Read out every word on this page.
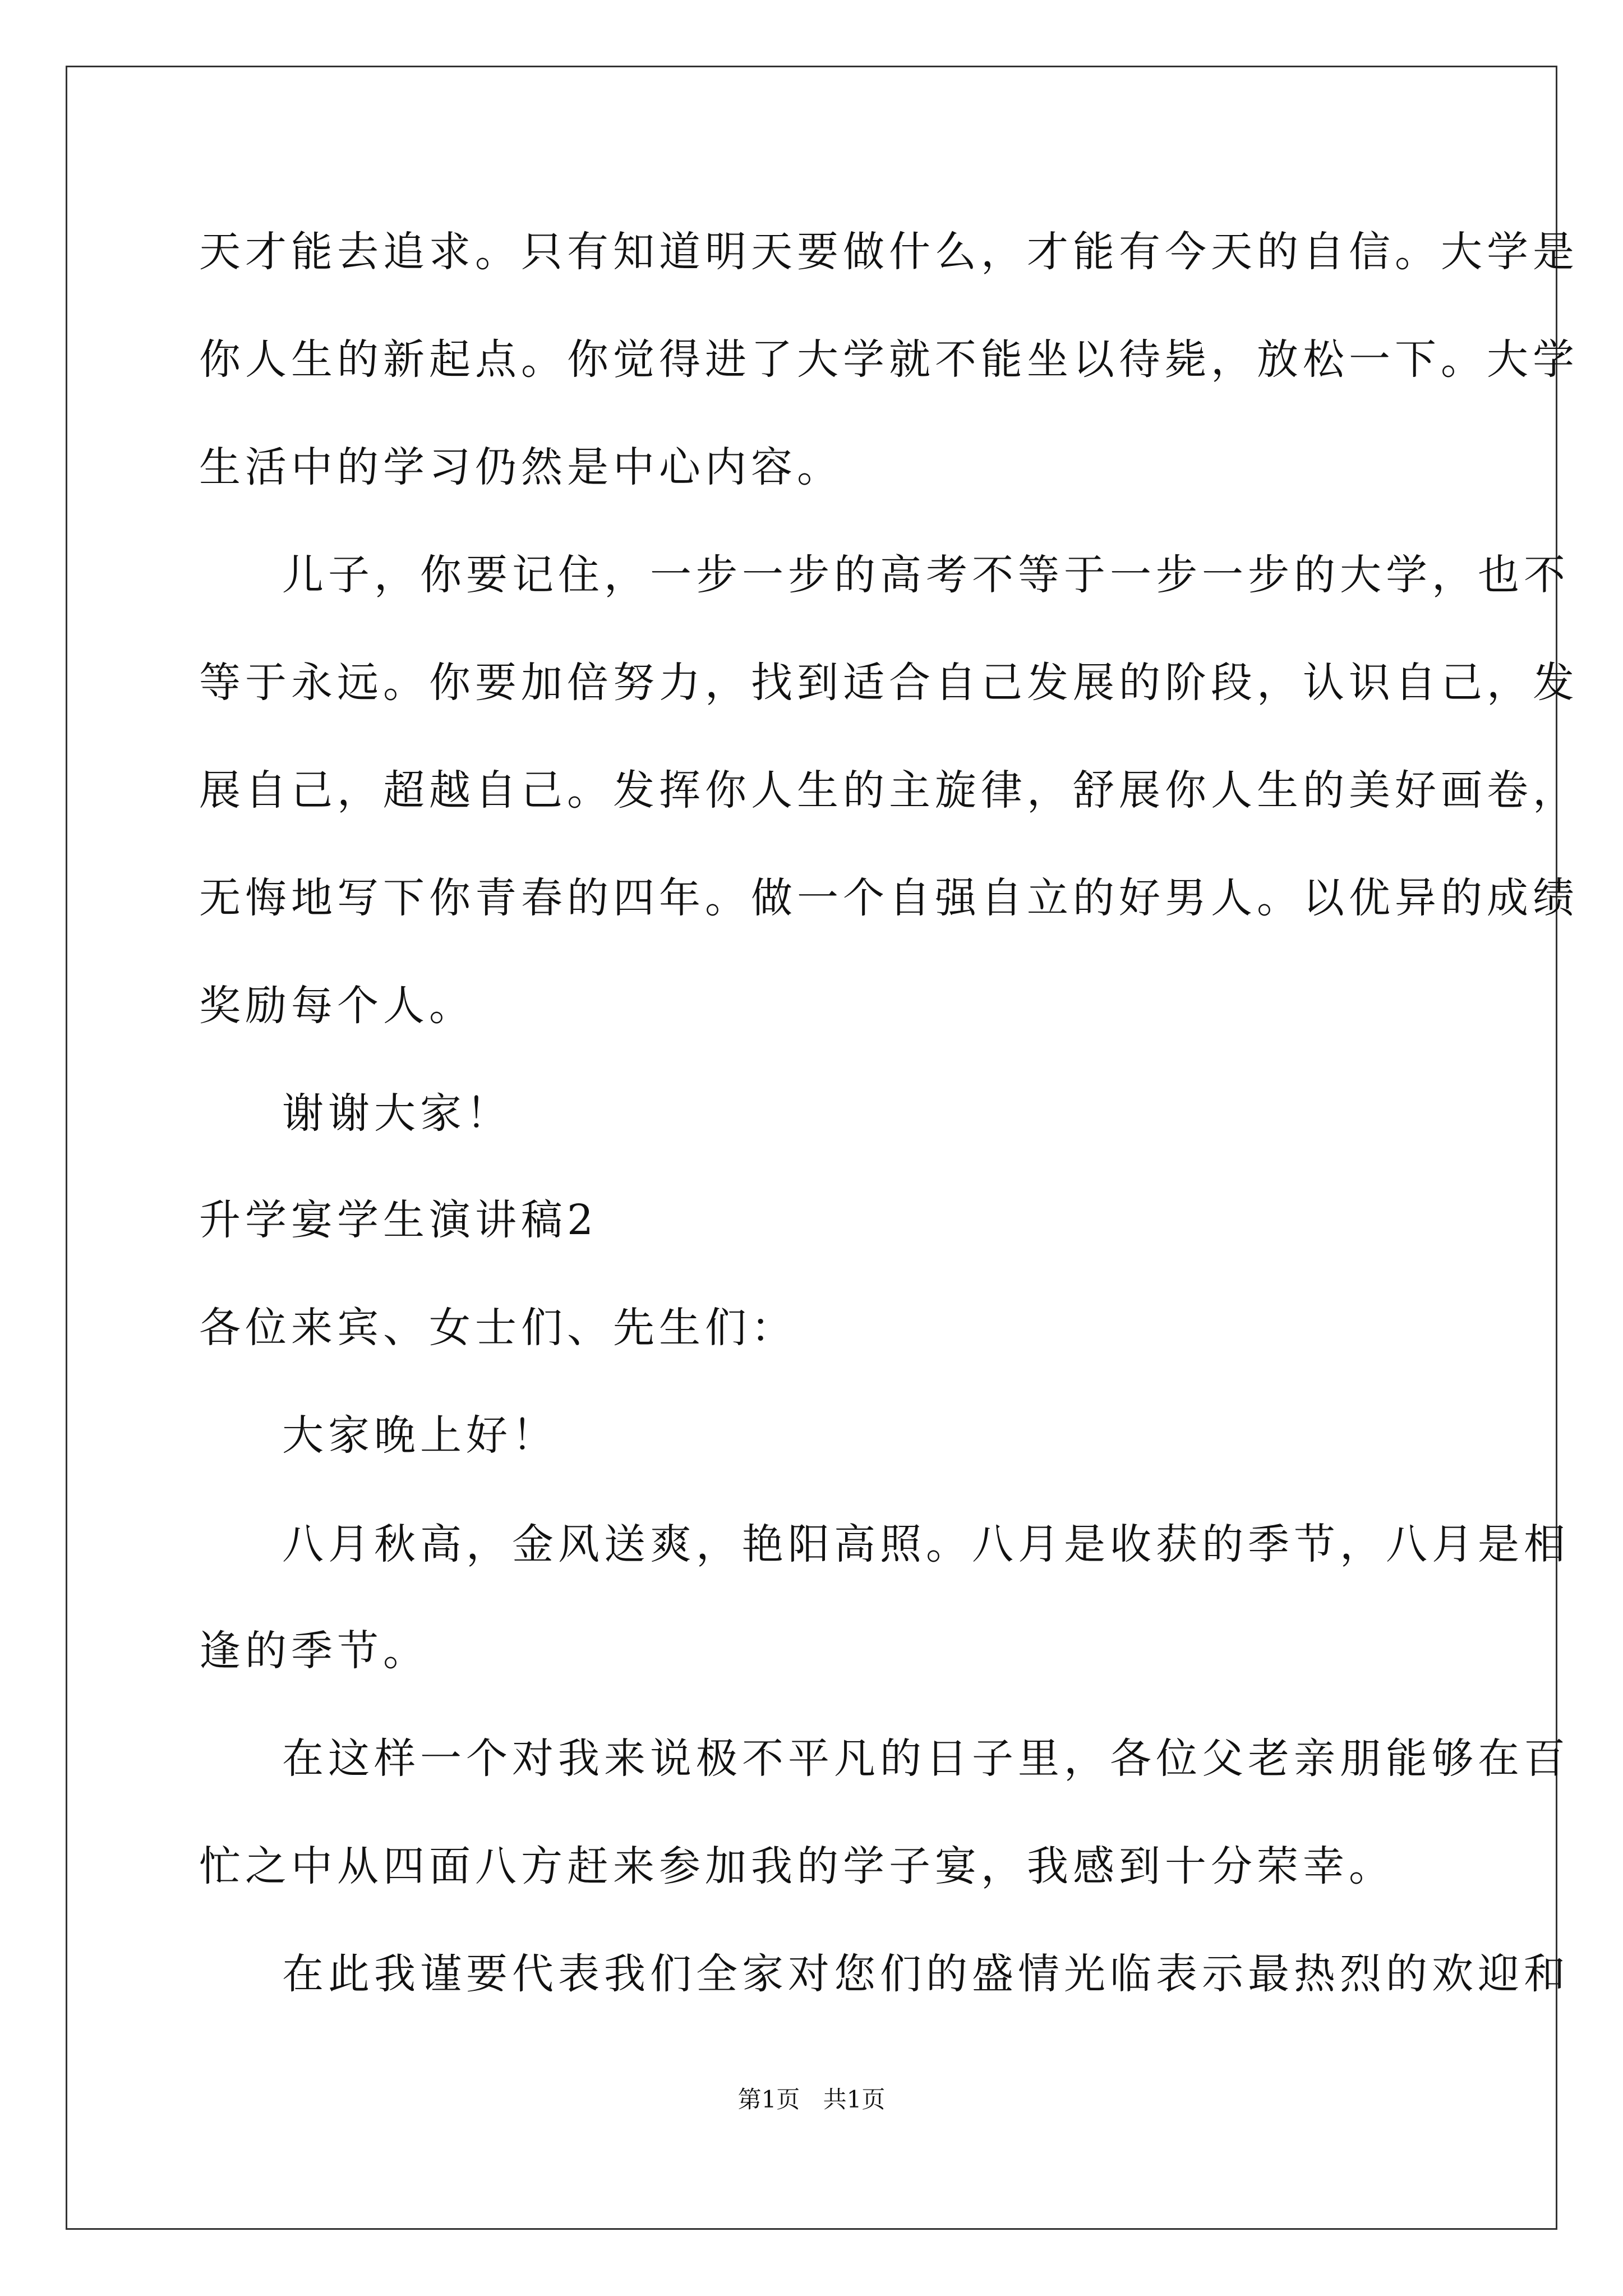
天才能去追求。只有知道明天要做什么，才能有今天的自信。大学是
你人生的新起点。你觉得进了大学就不能坐以待毙，放松一下。大学
生活中的学习仍然是中心内容。
儿子，你要记住，一步一步的高考不等于一步一步的大学，也不
等于永远。你要加倍努力，找到适合自己发展的阶段，认识自己，发
展自己，超越自己。发挥你人生的主旋律，舒展你人生的美好画卷，
无悔地写下你青春的四年。做一个自强自立的好男人。以优异的成绩
奖励每个人。
谢谢大家！
升学宴学生演讲稿2
各位来宾、女士们、先生们：
大家晚上好！
八月秋高，金风送爽，艳阳高照。八月是收获的季节，八月是相
逢的季节。
在这样一个对我来说极不平凡的日子里，各位父老亲朋能够在百
忙之中从四面八方赶来参加我的学子宴，我感到十分荣幸。
在此我谨要代表我们全家对您们的盛情光临表示最热烈的欢迎和
第1页 共1页
